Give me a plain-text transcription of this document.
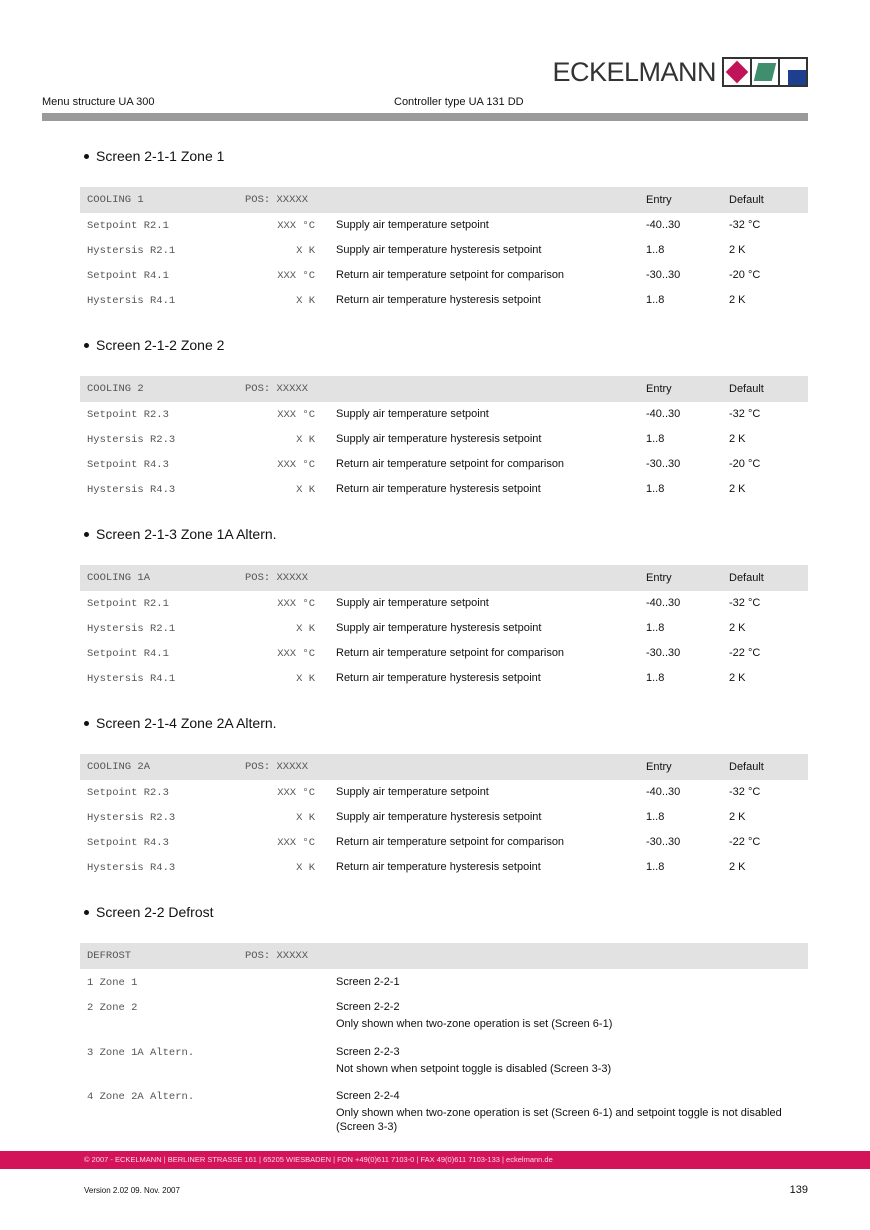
ECKELMANN
Menu structure UA 300	Controller type UA 131 DD
Screen 2-1-1 Zone 1
COOLING 1	POS: XXXXX	Entry	Default
Setpoint R2.1	XXX °C Supply air temperature setpoint	-40..30	-32 °C
Hystersis R2.1	X K Supply air temperature hysteresis setpoint	1..8	2 K
Setpoint R4.1	XXX °C Return air temperature setpoint for comparison	-30..30	-20 °C
Hystersis R4.1	X K Return air temperature hysteresis setpoint	1..8	2 K
Screen 2-1-2 Zone 2
COOLING 2	POS: XXXXX	Entry	Default
Setpoint R2.3	XXX °C Supply air temperature setpoint	-40..30	-32 °C
Hystersis R2.3	X K Supply air temperature hysteresis setpoint	1..8	2 K
Setpoint R4.3	XXX °C Return air temperature setpoint for comparison	-30..30	-20 °C
Hystersis R4.3	X K Return air temperature hysteresis setpoint	1..8	2 K
Screen 2-1-3 Zone 1A Altern.
COOLING 1A	POS: XXXXX	Entry	Default
Setpoint R2.1	XXX °C Supply air temperature setpoint	-40..30	-32 °C
Hystersis R2.1	X K Supply air temperature hysteresis setpoint	1..8	2 K
Setpoint R4.1	XXX °C Return air temperature setpoint for comparison	-30..30	-22 °C
Hystersis R4.1	X K Return air temperature hysteresis setpoint	1..8	2 K
Screen 2-1-4 Zone 2A Altern.
COOLING 2A	POS: XXXXX	Entry	Default
Setpoint R2.3	XXX °C Supply air temperature setpoint	-40..30	-32 °C
Hystersis R2.3	X K Supply air temperature hysteresis setpoint	1..8	2 K
Setpoint R4.3	XXX °C Return air temperature setpoint for comparison	-30..30	-22 °C
Hystersis R4.3	X K Return air temperature hysteresis setpoint	1..8	2 K
Screen 2-2 Defrost
DEFROST	POS: XXXXX
1 Zone 1	Screen 2-2-1
2 Zone 2	Screen 2-2-2
Only shown when two-zone operation is set (Screen 6-1)
3 Zone 1A Altern.	Screen 2-2-3
Not shown when setpoint toggle is disabled (Screen 3-3)
4 Zone 2A Altern.	Screen 2-2-4
Only shown when two-zone operation is set (Screen 6-1) and setpoint toggle is not disabled (Screen 3-3)
© 2007 - ECKELMANN | BERLINER STRASSE 161 | 65205 WIESBADEN | FON +49(0)611 7103-0 | FAX 49(0)611 7103-133 | eckelmann.de
Version 2.02 09. Nov. 2007	139
